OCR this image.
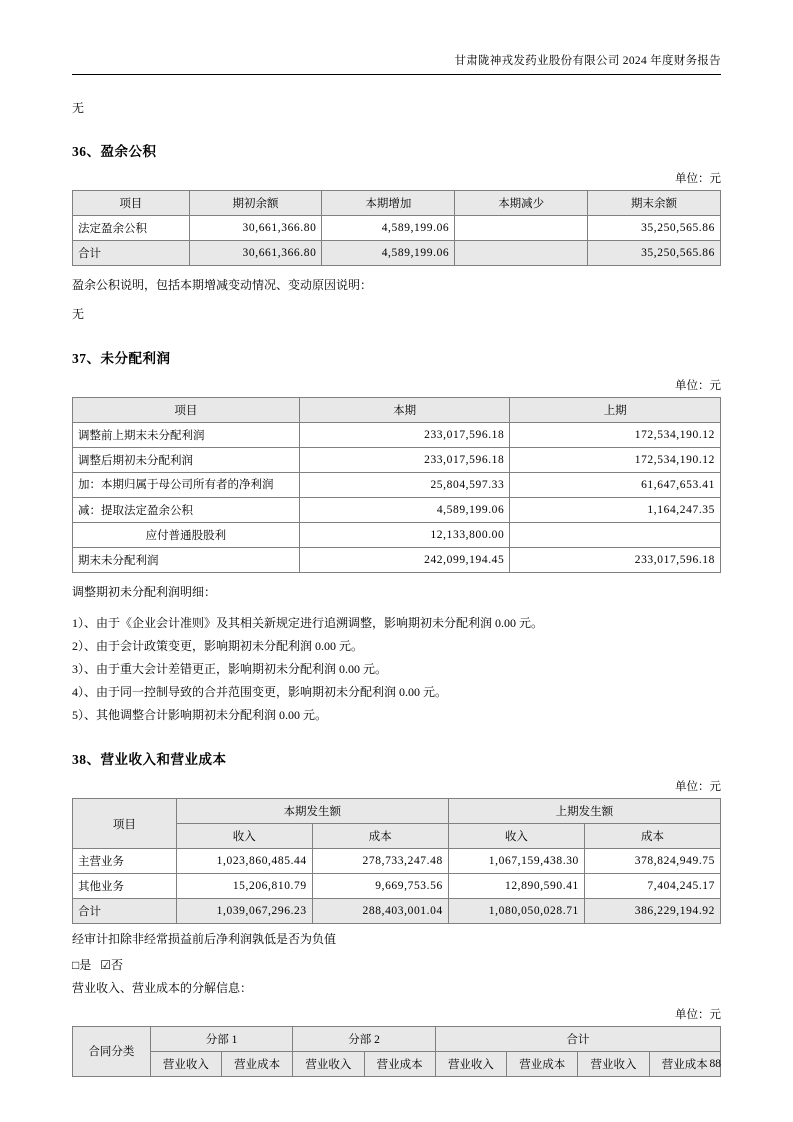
甘肃陇神戎发药业股份有限公司 2024 年度财务报告
无
36、盈余公积
单位：元
项目	期初余额	本期增加	本期减少	期末余额
法定盈余公积	30,661,366.80	4,589,199.06		35,250,565.86
合计	30,661,366.80	4,589,199.06		35,250,565.86
盈余公积说明，包括本期增减变动情况、变动原因说明：
无
37、未分配利润
单位：元
项目	本期	上期
调整前上期末未分配利润	233,017,596.18	172,534,190.12
调整后期初未分配利润	233,017,596.18	172,534,190.12
加：本期归属于母公司所有者的净利润	25,804,597.33	61,647,653.41
减：提取法定盈余公积	4,589,199.06	1,164,247.35
应付普通股股利	12,133,800.00	
期末未分配利润	242,099,194.45	233,017,596.18
调整期初未分配利润明细：
1）、由于《企业会计准则》及其相关新规定进行追溯调整，影响期初未分配利润 0.00 元。
2）、由于会计政策变更，影响期初未分配利润 0.00 元。
3）、由于重大会计差错更正，影响期初未分配利润 0.00 元。
4）、由于同一控制导致的合并范围变更，影响期初未分配利润 0.00 元。
5）、其他调整合计影响期初未分配利润 0.00 元。
38、营业收入和营业成本
单位：元
项目	本期发生额		上期发生额	
	收入	成本	收入	成本
主营业务	1,023,860,485.44	278,733,247.48	1,067,159,438.30	378,824,949.75
其他业务	15,206,810.79	9,669,753.56	12,890,590.41	7,404,245.17
合计	1,039,067,296.23	288,403,001.04	1,080,050,028.71	386,229,194.92
经审计扣除非经常损益前后净利润孰低是否为负值
□是 ☑否
营业收入、营业成本的分解信息：
单位：元
合同分类	分部 1		分部 2		合计			
	营业收入	营业成本	营业收入	营业成本	营业收入	营业成本	营业收入	营业成本 88
